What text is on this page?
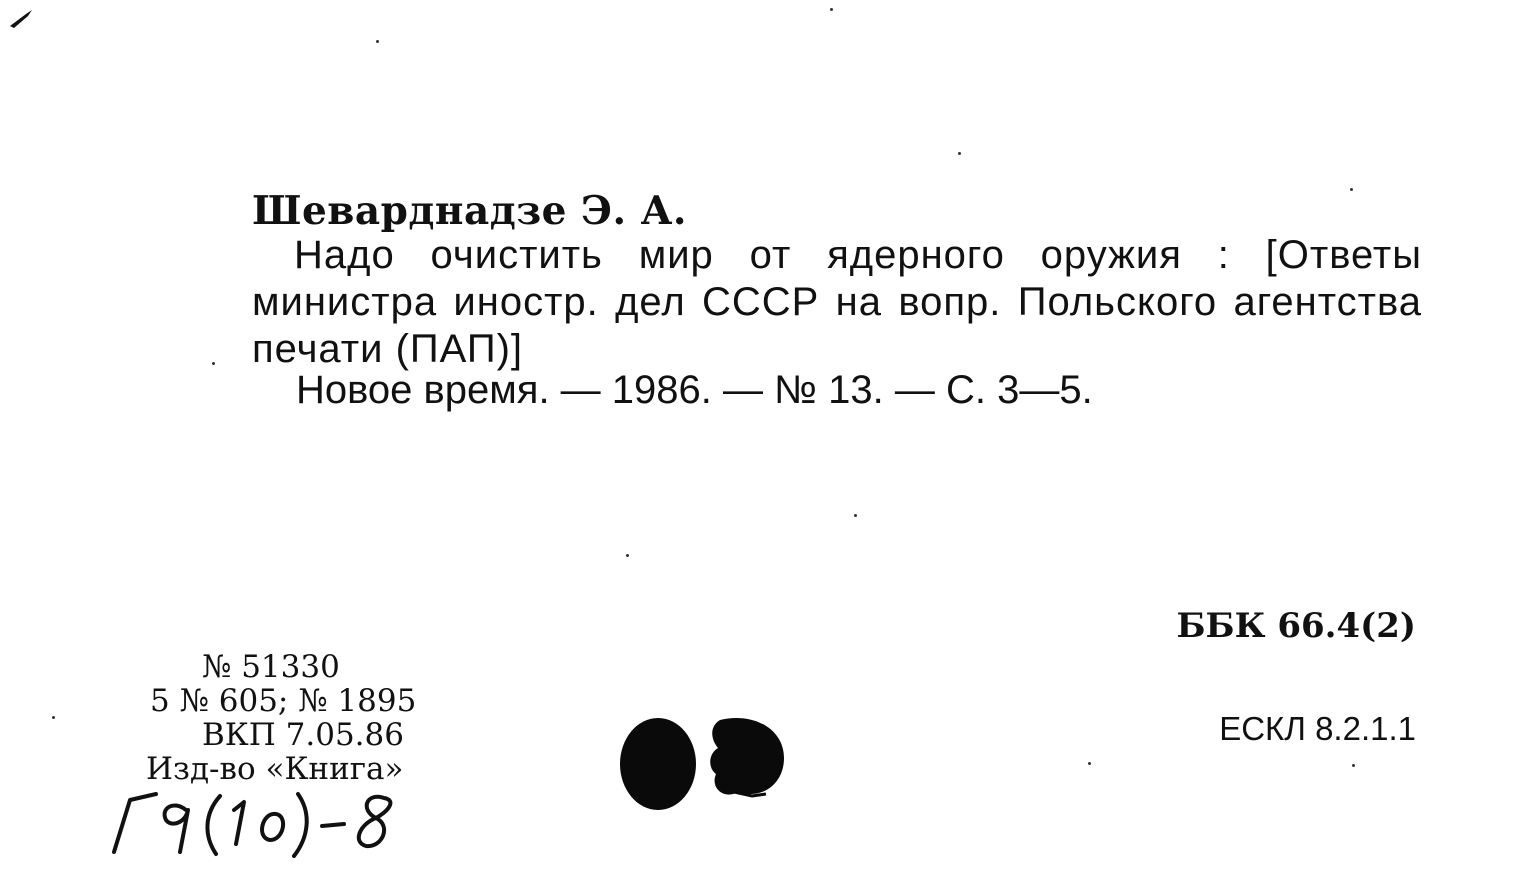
Шеварднадзе Э. А.
Надо очистить мир от ядерного оружия : [Ответы министра иностр. дел СССР на вопр. Польского агентства печати (ПАП)]
Новое время. — 1986. — № 13. — С. 3—5.
ББК 66.4(2)
ЕСКЛ 8.2.1.1
№ 51330
5 № 605; № 1895
ВКП 7.05.86
Изд-во «Книга»
